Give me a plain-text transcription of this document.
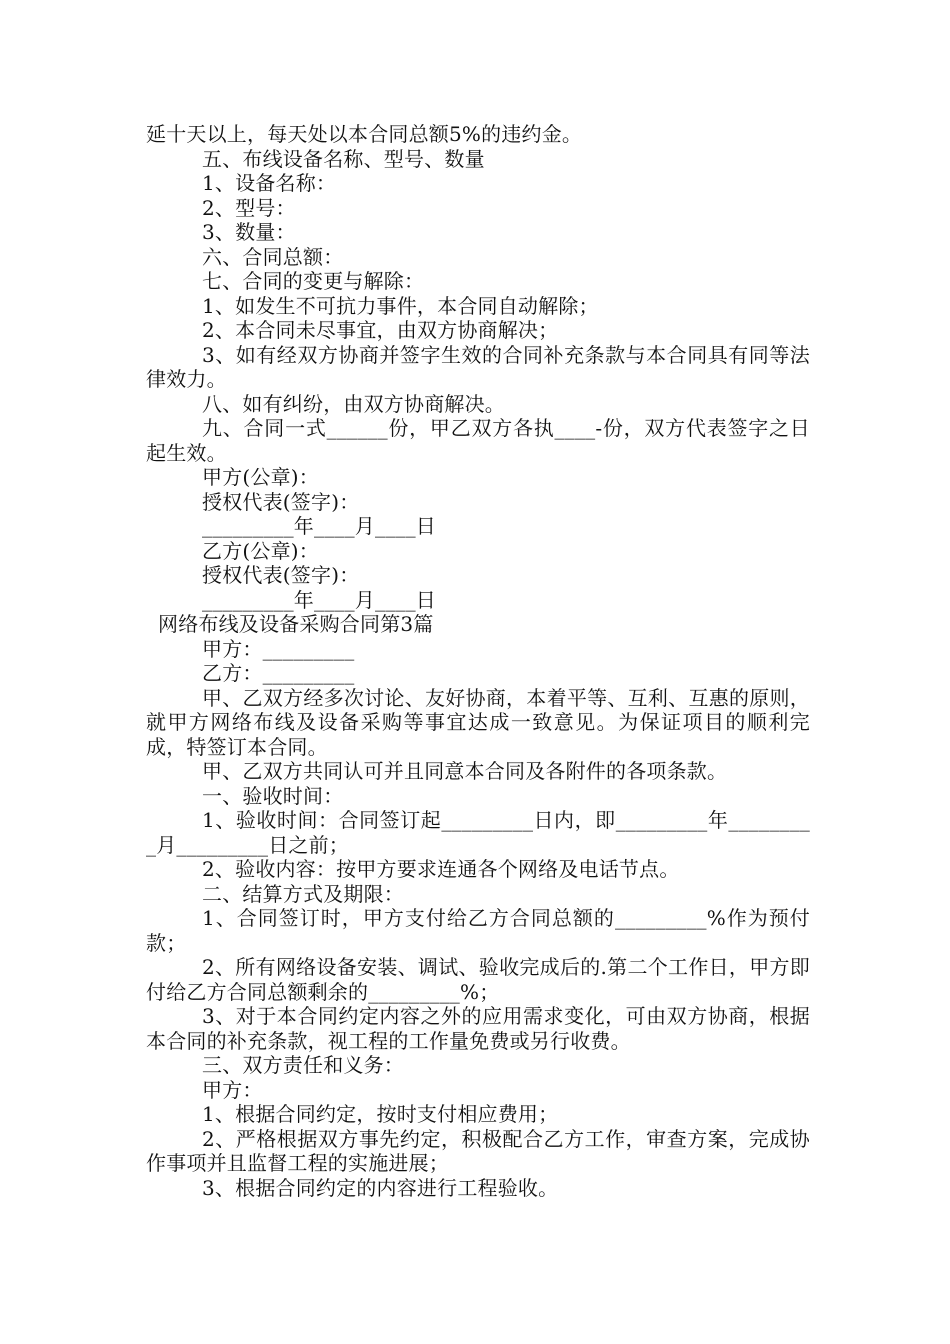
延十天以上，每天处以本合同总额5%的违约金。

五、布线设备名称、型号、数量

1、设备名称：

2、型号：

3、数量：

六、合同总额：

七、合同的变更与解除：

1、如发生不可抗力事件，本合同自动解除；

2、本合同未尽事宜，由双方协商解决；

3、如有经双方协商并签字生效的合同补充条款与本合同具有同等法律效力。

八、如有纠纷，由双方协商解决。

九、合同一式______份，甲乙双方各执____-份，双方代表签字之日起生效。

甲方(公章)：

授权代表(签字)：

_________年____月____日

乙方(公章)：

授权代表(签字)：

_________年____月____日

网络布线及设备采购合同第3篇

甲方：_________

乙方：_________

甲、乙双方经多次讨论、友好协商，本着平等、互利、互惠的原则，就甲方网络布线及设备采购等事宜达成一致意见。为保证项目的顺利完成，特签订本合同。

甲、乙双方共同认可并且同意本合同及各附件的各项条款。

一、验收时间：

1、验收时间：合同签订起_________日内，即_________年_________月_________日之前；

2、验收内容：按甲方要求连通各个网络及电话节点。

二、结算方式及期限：

1、合同签订时，甲方支付给乙方合同总额的_________%作为预付款；

2、所有网络设备安装、调试、验收完成后的.第二个工作日，甲方即付给乙方合同总额剩余的_________%；

3、对于本合同约定内容之外的应用需求变化，可由双方协商，根据本合同的补充条款，视工程的工作量免费或另行收费。

三、双方责任和义务：

甲方：

1、根据合同约定，按时支付相应费用；

2、严格根据双方事先约定，积极配合乙方工作，审查方案，完成协作事项并且监督工程的实施进展；

3、根据合同约定的内容进行工程验收。
